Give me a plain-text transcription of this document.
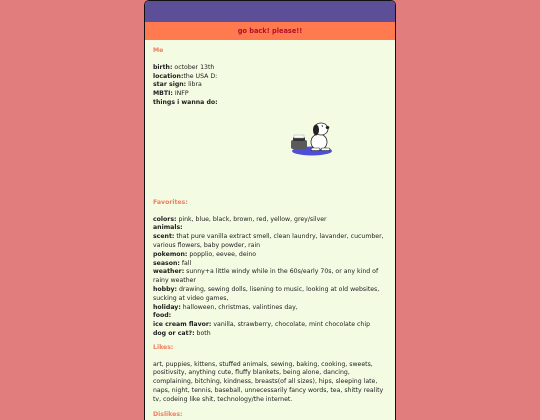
go back! please!!
Me
birth: october 13th
location:the USA D:
star sign: libra
MBTI: INFP
things i wanna do:
Favorites:
colors: pink, blue, black, brown, red, yellow, grey/silver
animals:
scent: that pure vanilla extract smell, clean laundry, lavander, cucumber, various flowers, baby powder, rain
pokemon: popplio, eevee, deino
season: fall
weather: sunny+a little windy while in the 60s/early 70s, or any kind of rainy weather
hobby: drawing, sewing dolls, lisening to music, looking at old websites, sucking at video games,
holiday: halloween, christmas, valintines day,
food:
ice cream flavor: vanilla, strawberry, chocolate, mint chocolate chip
dog or cat?: both
Likes:
art, puppies, kittens, stuffed animals, sewing, baking, cooking, sweets, positivsity, anything cute, fluffy blankets, being alone, dancing, complaining, bitching, kindness, breasts(of all sizes), hips, sleeping late, naps, night, tennis, baseball, unnecessarily fancy words, tea, shitty reality tv, codeing like shit, technology/the internet.
Dislikes:
